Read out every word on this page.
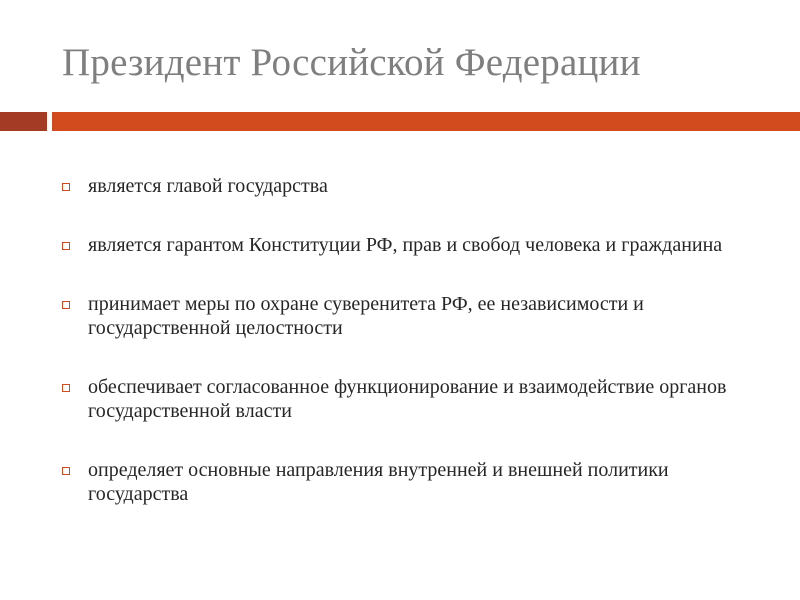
Президент Российской Федерации
является главой государства
является гарантом Конституции РФ, прав и свобод человека и гражданина
принимает меры по охране суверенитета РФ, ее независимости и государственной целостности
обеспечивает согласованное функционирование и взаимодействие органов государственной власти
определяет основные направления внутренней и внешней политики государства
